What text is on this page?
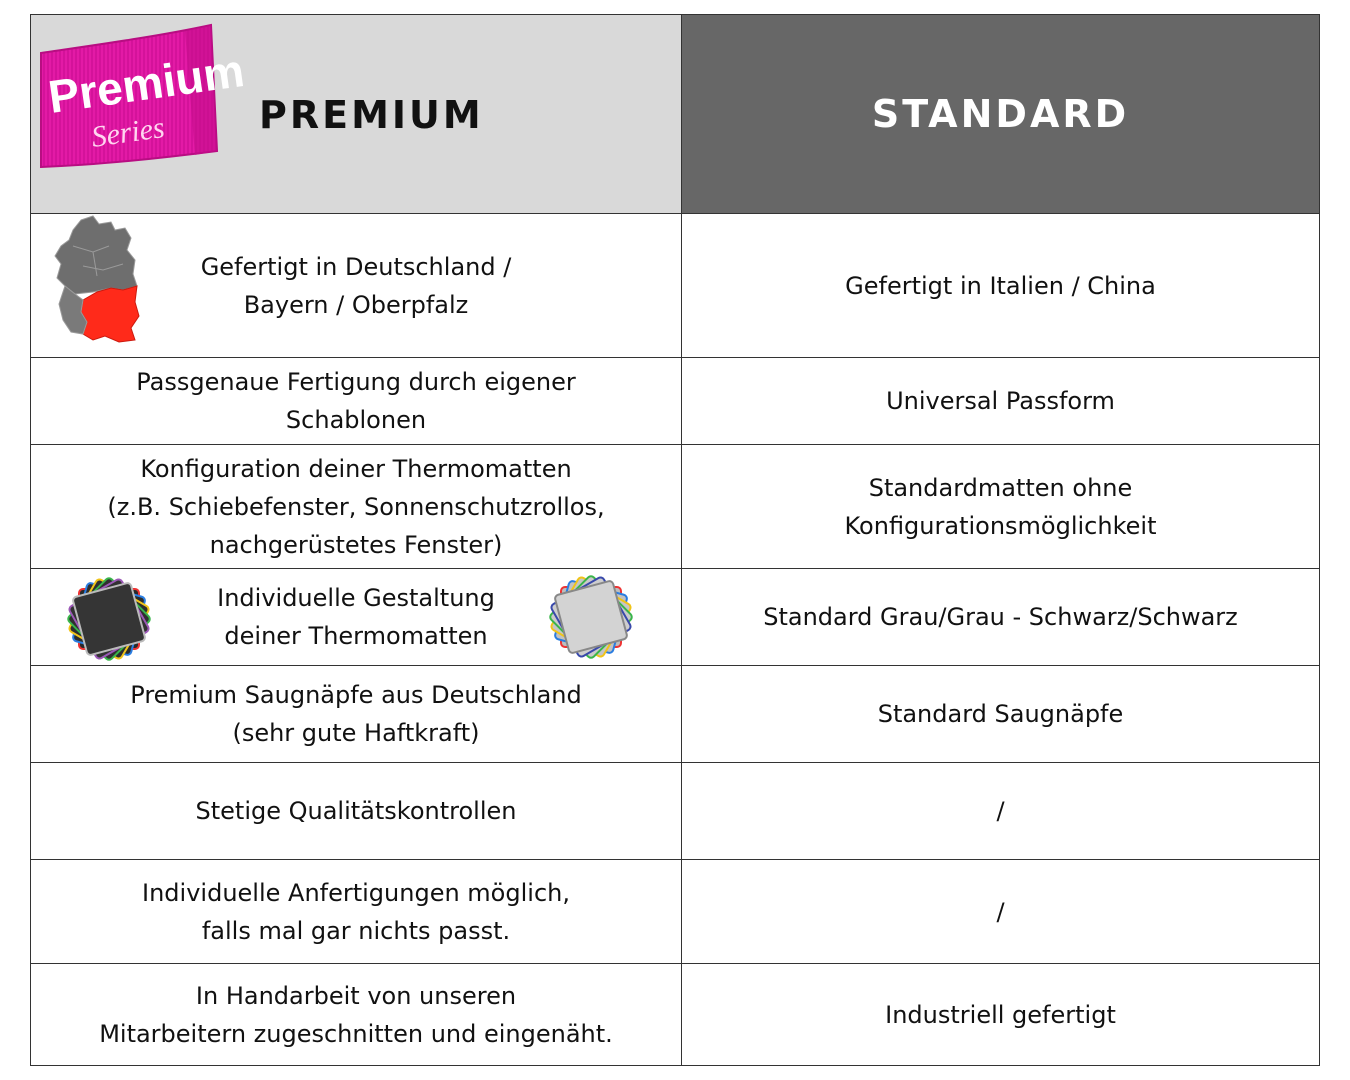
Premium
Series PREMIUM	STANDARD
Gefertigt in Deutschland /
Bayern / Oberpfalz
Gefertigt in Italien / China
Passgenaue Fertigung durch eigener
Schablonen
Universal Passform
Konfiguration deiner Thermomatten
(z.B. Schiebefenster, Sonnenschutzrollos,
nachgerüstetes Fenster)
Standardmatten ohne
Konfigurationsmöglichkeit
Individuelle Gestaltung
deiner Thermomatten
Standard Grau/Grau - Schwarz/Schwarz
Premium Saugnäpfe aus Deutschland
(sehr gute Haftkraft)
Standard Saugnäpfe
Stetige Qualitätskontrollen	/
Individuelle Anfertigungen möglich,
falls mal gar nichts passt.
/
In Handarbeit von unseren
Mitarbeitern zugeschnitten und eingenäht.
Industriell gefertigt
